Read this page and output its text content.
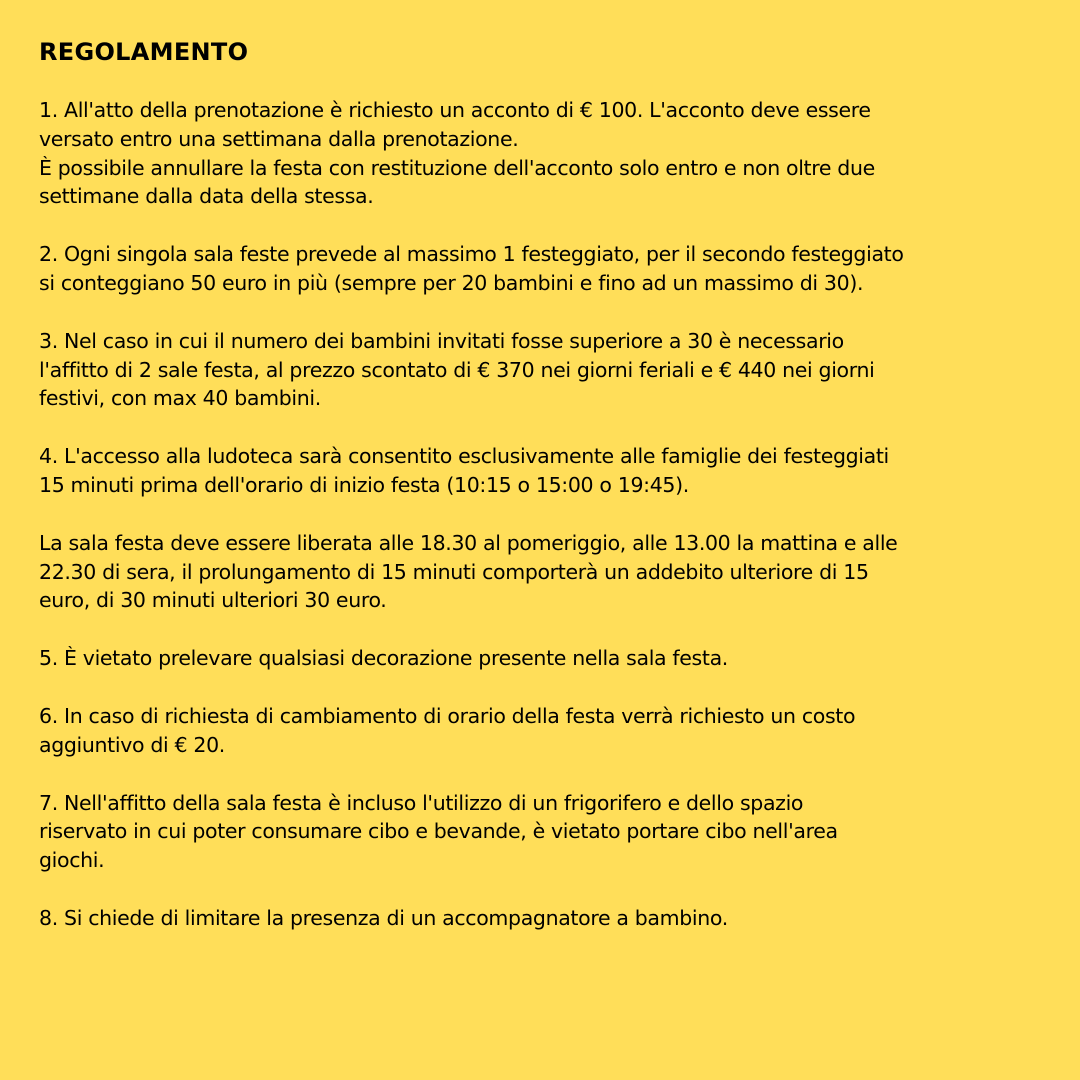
REGOLAMENTO
1. All'atto della prenotazione è richiesto un acconto di € 100. L'acconto deve essere
versato entro una settimana dalla prenotazione.
È possibile annullare la festa con restituzione dell'acconto solo entro e non oltre due
settimane dalla data della stessa.
2. Ogni singola sala feste prevede al massimo 1 festeggiato, per il secondo festeggiato
si conteggiano 50 euro in più (sempre per 20 bambini e fino ad un massimo di 30).
3. Nel caso in cui il numero dei bambini invitati fosse superiore a 30 è necessario
l'affitto di 2 sale festa, al prezzo scontato di € 370 nei giorni feriali e € 440 nei giorni
festivi, con max 40 bambini.
4. L'accesso alla ludoteca sarà consentito esclusivamente alle famiglie dei festeggiati
15 minuti prima dell'orario di inizio festa (10:15 o 15:00 o 19:45).
La sala festa deve essere liberata alle 18.30 al pomeriggio, alle 13.00 la mattina e alle
22.30 di sera, il prolungamento di 15 minuti comporterà un addebito ulteriore di 15
euro, di 30 minuti ulteriori 30 euro.
5. È vietato prelevare qualsiasi decorazione presente nella sala festa.
6. In caso di richiesta di cambiamento di orario della festa verrà richiesto un costo
aggiuntivo di € 20.
7. Nell'affitto della sala festa è incluso l'utilizzo di un frigorifero e dello spazio
riservato in cui poter consumare cibo e bevande, è vietato portare cibo nell'area
giochi.
8. Si chiede di limitare la presenza di un accompagnatore a bambino.
